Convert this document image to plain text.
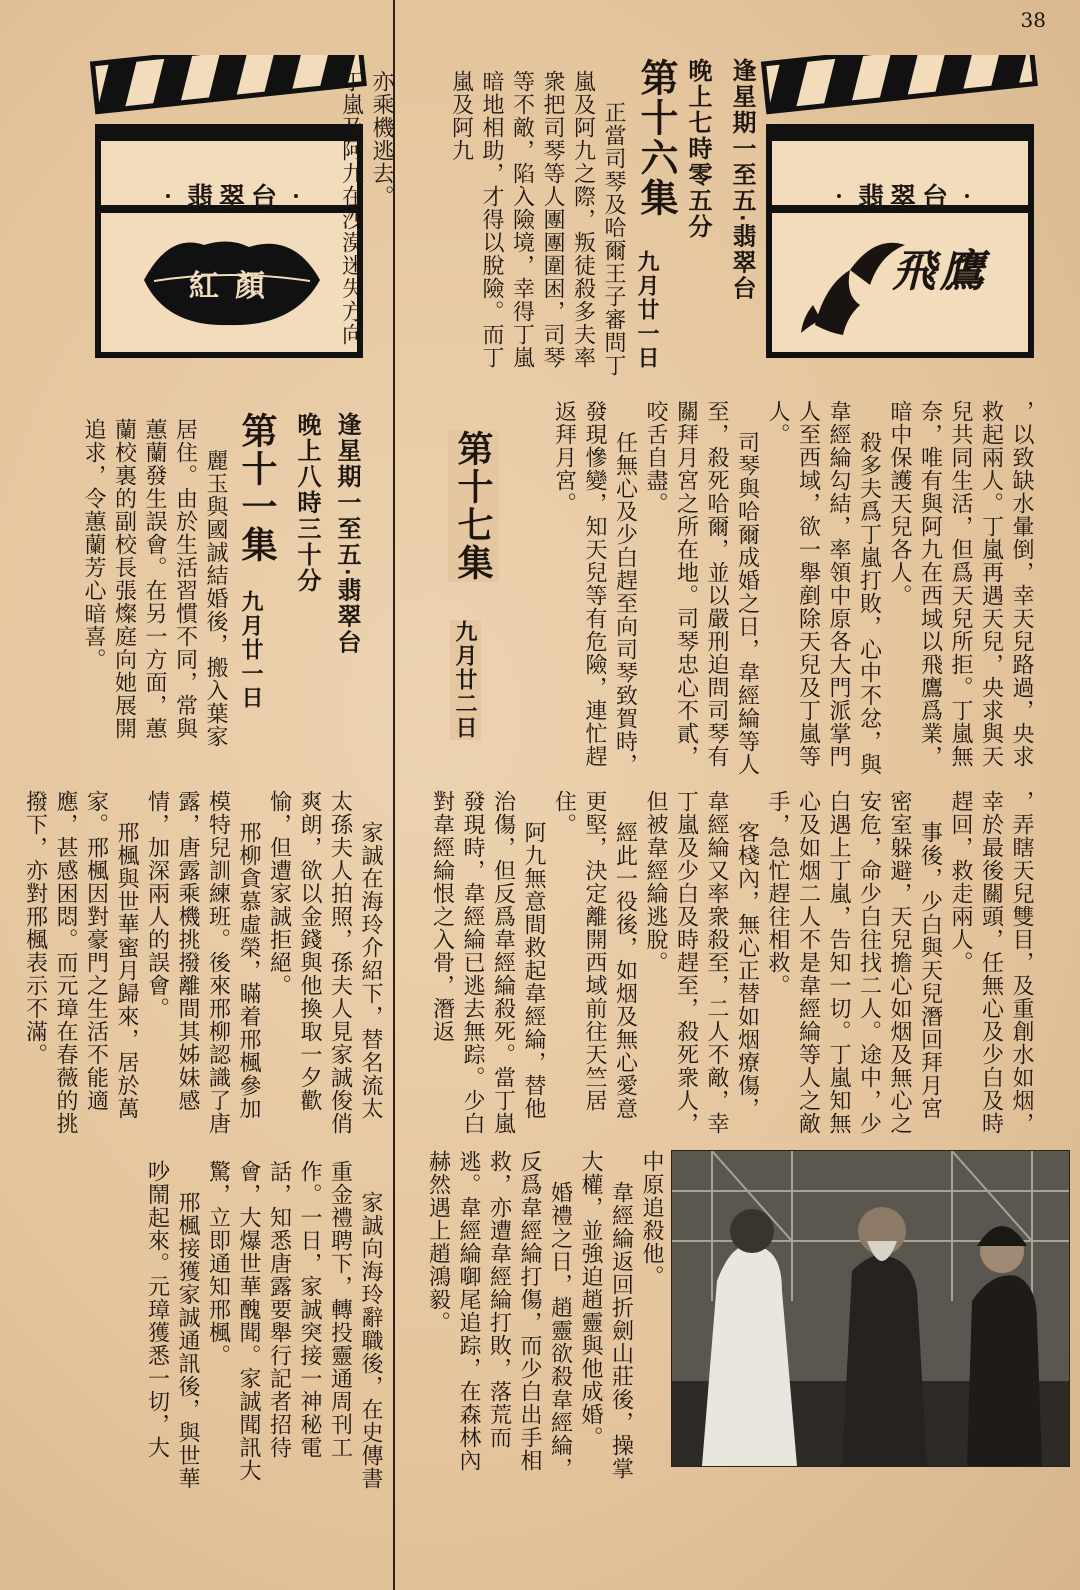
38
‧翡翠台‧
紅顏
‧翡翠台‧
飛鷹
逢星期一至五‧翡翠台
晚上七時零五分
第十六集
九月廿一日

正當司琴及哈爾王子審問丁嵐及阿九之際，叛徒殺多夫率衆把司琴等人團團圍困，司琴等不敵，陷入險境，幸得丁嵐暗地相助，才得以脫險。而丁嵐及阿九

，以致缺水暈倒，幸天兒路過，央求救起兩人。丁嵐再遇天兒，央求與天兒共同生活，但爲天兒所拒。丁嵐無奈，唯有與阿九在西域以飛鷹爲業，暗中保護天兒各人。

殺多夫爲丁嵐打敗，心中不忿，與韋經綸勾結，率領中原各大門派掌門人至西域，欲一舉剷除天兒及丁嵐等人。

司琴與哈爾成婚之日，韋經綸等人至，殺死哈爾，並以嚴刑迫問司琴有關拜月宮之所在地。司琴忠心不貳，咬舌自盡。

任無心及少白趕至向司琴致賀時，發現慘變，知天兒等有危險，連忙趕返拜月宮。

第十七集
九月廿二日

，弄瞎天兒雙目，及重創水如烟，幸於最後關頭，任無心及少白及時趕回，救走兩人。

事後，少白與天兒潛回拜月宮密室躲避，天兒擔心如烟及無心之安危，命少白往找二人。途中，少白遇上丁嵐，告知一切。丁嵐知無心及如烟二人不是韋經綸等人之敵手，急忙趕往相救。

客棧內，無心正替如烟療傷，韋經綸又率衆殺至，二人不敵，幸丁嵐及少白及時趕至，殺死衆人，但被韋經綸逃脫。

經此一役後，如烟及無心愛意更堅，決定離開西域前往天竺居住。

阿九無意間救起韋經綸，替他治傷，但反爲韋經綸殺死。當丁嵐發現時，韋經綸已逃去無踪。少白對韋經綸恨之入骨，潛返

中原追殺他。

韋經綸返回折劍山莊後，操掌大權，並強迫趙靈與他成婚。

婚禮之日，趙靈欲殺韋經綸，反爲韋經綸打傷，而少白出手相救，亦遭韋經綸打敗，落荒而逃。韋經綸啣尾追踪，在森林內赫然遇上趙鴻毅。

逢星期一至五‧翡翠台
晚上八時三十分
第十一集
九月廿一日

麗玉與國誠結婚後，搬入葉家居住。由於生活習慣不同，常與蕙蘭發生誤會。在另一方面，蕙蘭校裏的副校長張燦庭向她展開追求，令蕙蘭芳心暗喜。

家誠在海玲介紹下，替名流太太孫夫人拍照，孫夫人見家誠俊俏爽朗，欲以金錢與他換取一夕歡愉，但遭家誠拒絕。

邢柳貪慕虛榮，瞞着邢楓參加模特兒訓練班。後來邢柳認識了唐露，唐露乘機挑撥離間其姊妹感情，加深兩人的誤會。

邢楓與世華蜜月歸來，居於萬家。邢楓因對豪門之生活不能適應，甚感困悶。而元璋在春薇的挑撥下，亦對邢楓表示不滿。

家誠向海玲辭職後，在史傳書重金禮聘下，轉投靈通周刊工作。一日，家誠突接一神秘電話，知悉唐露要舉行記者招待會，大爆世華醜聞。家誠聞訊大驚，立即通知邢楓。

邢楓接獲家誠通訊後，與世華吵鬧起來。元璋獲悉一切，大

亦乘機逃去。
丁嵐及阿九在沙漠迷失方向
